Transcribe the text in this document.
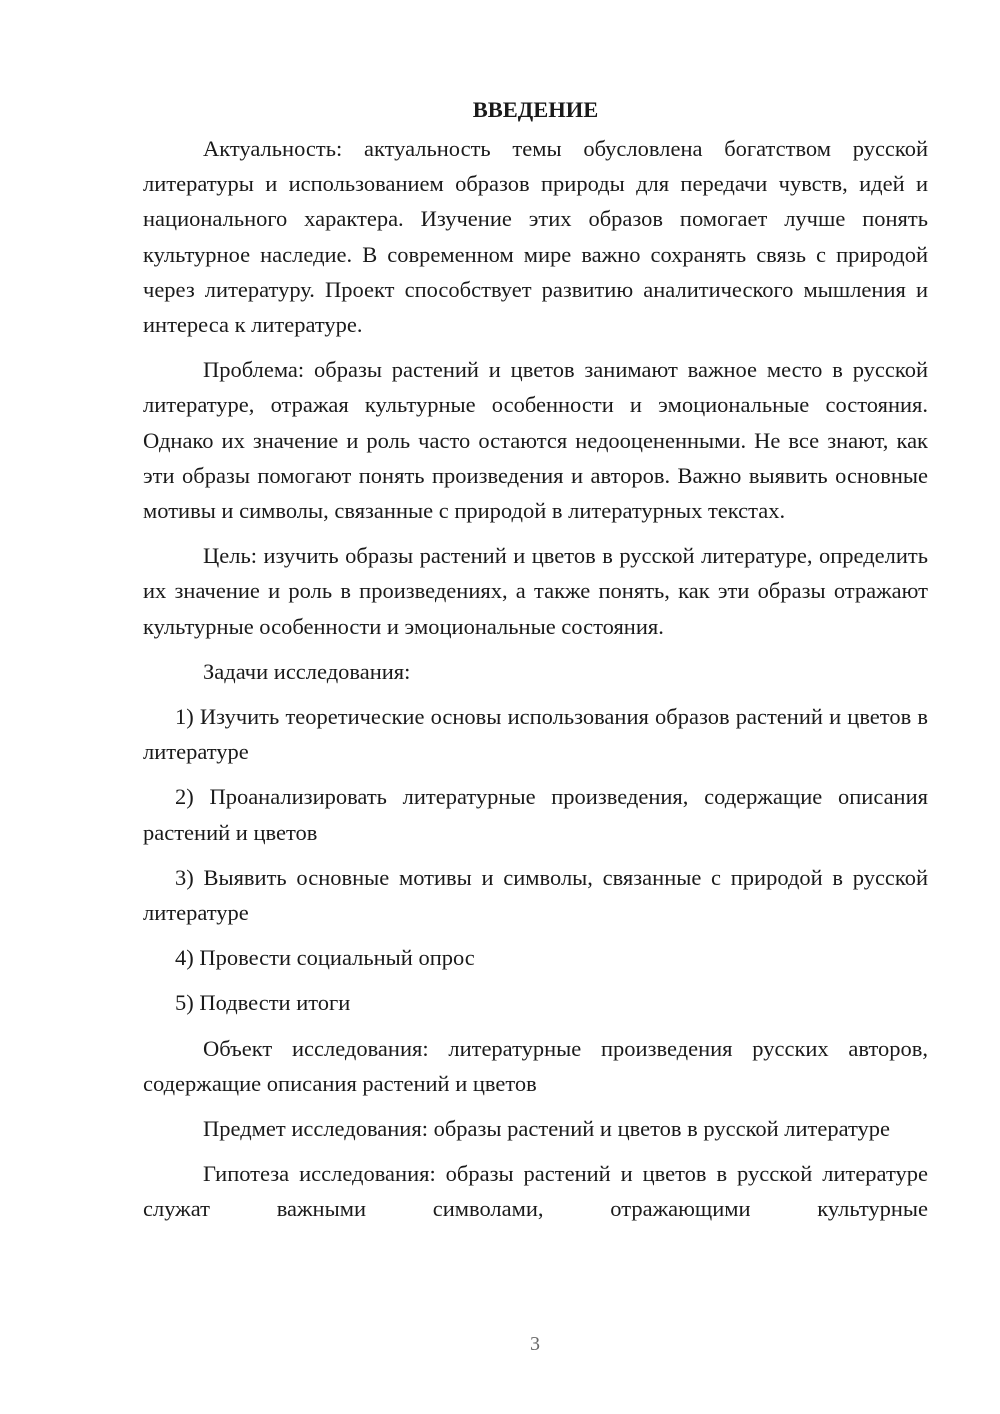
ВВЕДЕНИЕ

Актуальность: актуальность темы обусловлена богатством русской литературы и использованием образов природы для передачи чувств, идей и национального характера. Изучение этих образов помогает лучше понять культурное наследие. В современном мире важно сохранять связь с природой через литературу. Проект способствует развитию аналитического мышления и интереса к литературе.

Проблема: образы растений и цветов занимают важное место в русской литературе, отражая культурные особенности и эмоциональные состояния. Однако их значение и роль часто остаются недооцененными. Не все знают, как эти образы помогают понять произведения и авторов. Важно выявить основные мотивы и символы, связанные с природой в литературных текстах.

Цель: изучить образы растений и цветов в русской литературе, определить их значение и роль в произведениях, а также понять, как эти образы отражают культурные особенности и эмоциональные состояния.

Задачи исследования:

1) Изучить теоретические основы использования образов растений и цветов в литературе

2) Проанализировать литературные произведения, содержащие описания растений и цветов

3) Выявить основные мотивы и символы, связанные с природой в русской литературе

4) Провести социальный опрос

5) Подвести итоги

Объект исследования: литературные произведения русских авторов, содержащие описания растений и цветов

Предмет исследования: образы растений и цветов в русской литературе

Гипотеза исследования: образы растений и цветов в русской литературе служат важными символами, отражающими культурные

3
